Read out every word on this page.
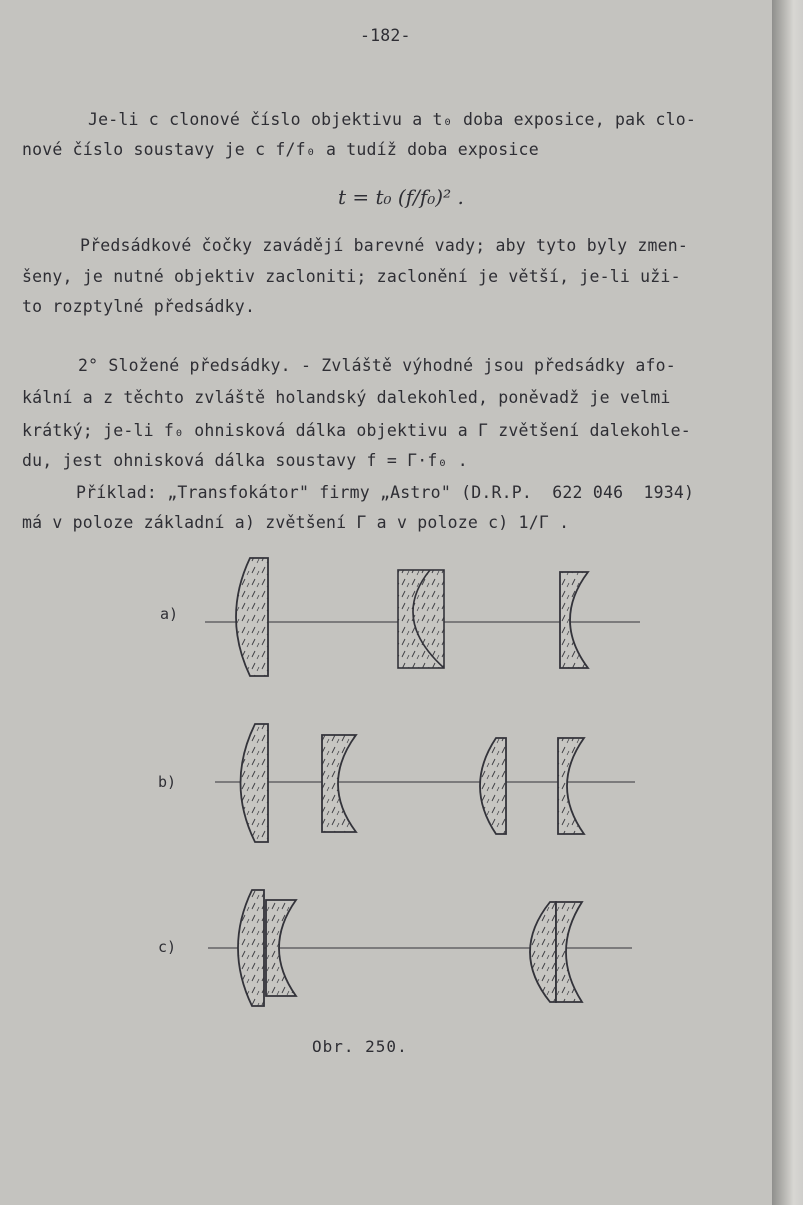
-182-
Je-li c clonové číslo objektivu a t₀ doba exposice, pak clo-
nové číslo soustavy je c f/f₀ a tudíž doba exposice
t = t₀ (f/f₀)² .
Předsádkové čočky zavádějí barevné vady; aby tyto byly zmen-
šeny, je nutné objektiv zacloniti; zaclonění je větší, je-li uži-
to rozptylné předsádky.
2° Složené předsádky. - Zvláště výhodné jsou předsádky afo-
kální a z těchto zvláště holandský dalekohled, poněvadž je velmi
krátký; je-li f₀ ohnisková dálka objektivu a Γ zvětšení dalekohle-
du, jest ohnisková dálka soustavy f = Γ·f₀ .
Příklad: „Transfokátor" firmy „Astro" (D.R.P.  622 046  1934)
má v poloze základní a) zvětšení Γ a v poloze c) 1/Γ .
a)
b)
c)
Obr. 250.
